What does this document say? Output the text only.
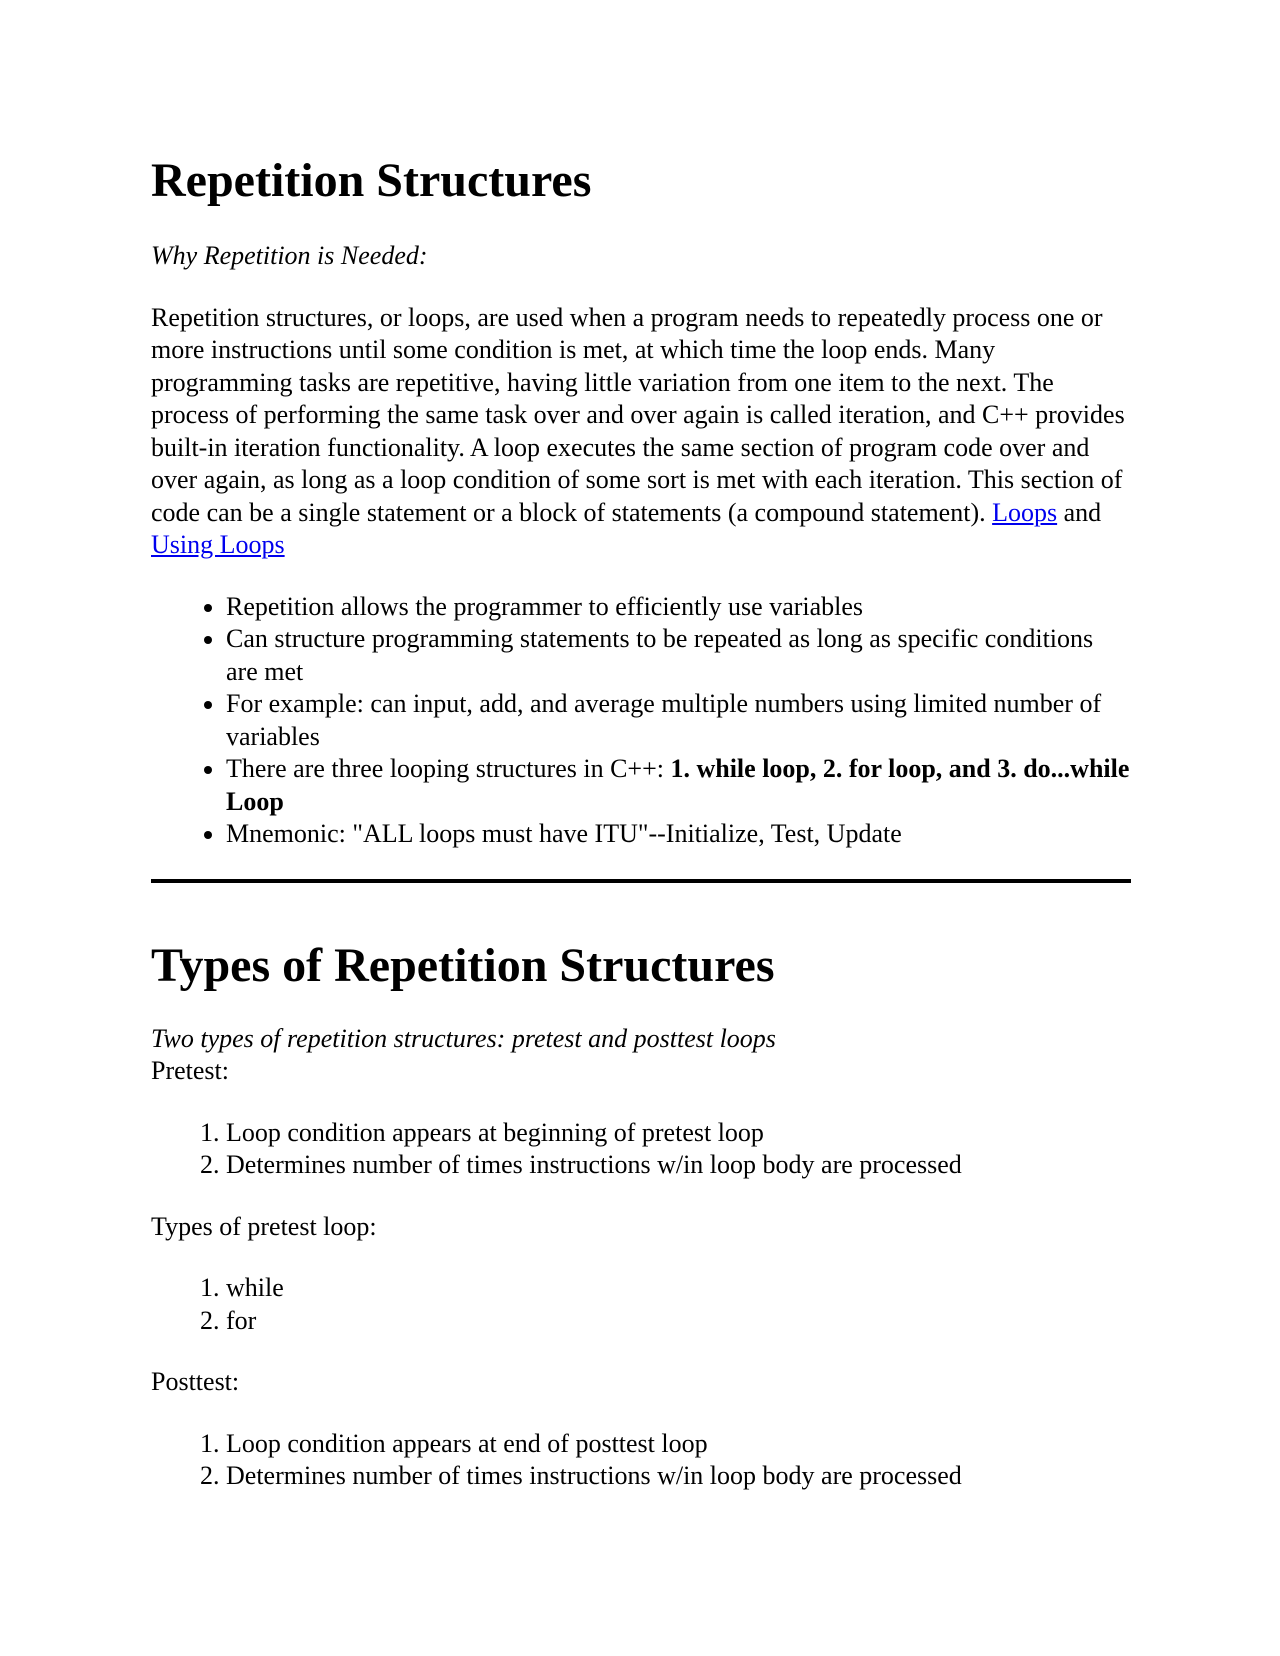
Repetition Structures

Why Repetition is Needed:

Repetition structures, or loops, are used when a program needs to repeatedly process one or more instructions until some condition is met, at which time the loop ends. Many programming tasks are repetitive, having little variation from one item to the next. The process of performing the same task over and over again is called iteration, and C++ provides built-in iteration functionality. A loop executes the same section of program code over and over again, as long as a loop condition of some sort is met with each iteration. This section of code can be a single statement or a block of statements (a compound statement). Loops and Using Loops

• Repetition allows the programmer to efficiently use variables
• Can structure programming statements to be repeated as long as specific conditions are met
• For example: can input, add, and average multiple numbers using limited number of variables
• There are three looping structures in C++: 1. while loop, 2. for loop, and 3. do...while Loop
• Mnemonic: "ALL loops must have ITU"--Initialize, Test, Update
Types of Repetition Structures

Two types of repetition structures: pretest and posttest loops

Pretest:

1. Loop condition appears at beginning of pretest loop
2. Determines number of times instructions w/in loop body are processed

Types of pretest loop:

1. while
2. for

Posttest:

1. Loop condition appears at end of posttest loop
2. Determines number of times instructions w/in loop body are processed
